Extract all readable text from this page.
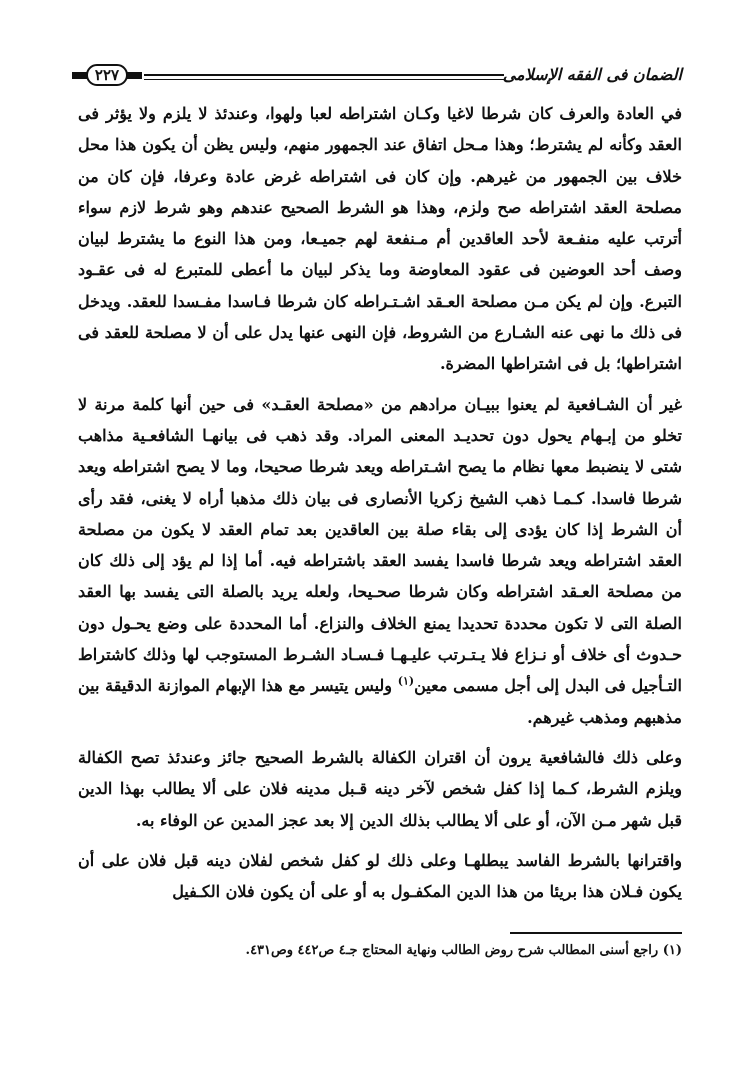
الضمان فى الفقه الإسلامى
٢٢٧

في العادة والعرف كان شرطا لاغيا وكـان اشتراطه لعبا ولهوا، وعندئذ لا يلزم ولا يؤثر فى العقد وكأنه لم يشترط؛ وهذا مـحل اتفاق عند الجمهور منهم، وليس يظن أن يكون هذا محل خلاف بين الجمهور من غيرهم. وإن كان فى اشتراطه غرض عادة وعرفا، فإن كان من مصلحة العقد اشتراطه صح ولزم، وهذا هو الشرط الصحيح عندهم وهو شرط لازم سواء أترتب عليه منفـعة لأحد العاقدين أم مـنفعة لهم جميـعا، ومن هذا النوع ما يشترط لبيان وصف أحد العوضين فى عقود المعاوضة وما يذكر لبيان ما أعطى للمتبرع له فى عقـود التبرع. وإن لم يكن مـن مصلحة العـقد اشـتـراطه كان شرطا فـاسدا مفـسدا للعقد. ويدخل فى ذلك ما نهى عنه الشـارع من الشروط، فإن النهى عنها يدل على أن لا مصلحة للعقد فى اشتراطها؛ بل فى اشتراطها المضرة.

غير أن الشـافعية لم يعنوا ببيـان مرادهم من «مصلحة العقـد» فى حين أنها كلمة مرنة لا تخلو من إبـهام يحول دون تحديـد المعنى المراد. وقد ذهب فى بيانهـا الشافعـية مذاهب شتى لا ينضبط معها نظام ما يصح اشـتراطه ويعد شرطا صحيحا، وما لا يصح اشتراطه ويعد شرطا فاسدا. كـمـا ذهب الشيخ زكريا الأنصارى فى بيان ذلك مذهبا أراه لا يغنى، فقد رأى أن الشرط إذا كان يؤدى إلى بقاء صلة بين العاقدين بعد تمام العقد لا يكون من مصلحة العقد اشتراطه ويعد شرطا فاسدا يفسد العقد باشتراطه فيه. أما إذا لم يؤد إلى ذلك كان من مصلحة العـقد اشتراطه وكان شرطا صحـيحا، ولعله يريد بالصلة التى يفسد بها العقد الصلة التى لا تكون محددة تحديدا يمنع الخلاف والنزاع. أما المحددة على وضع يحـول دون حـدوث أى خلاف أو نـزاع فلا يـتـرتب عليـهـا فـسـاد الشـرط المستوجب لها وذلك كاشتراط التـأجيل فى البدل إلى أجل مسمى معين$^{(١)}$ وليس يتيسر مع هذا الإبهام الموازنة الدقيقة بين مذهبهم ومذهب غيرهم.

وعلى ذلك فالشافعية يرون أن اقتران الكفالة بالشرط الصحيح جائز وعندئذ تصح الكفالة ويلزم الشرط، كـما إذا كفل شخص لآخر دينه قـبل مدينه فلان على ألا يطالب بهذا الدين قبل شهر مـن الآن، أو على ألا يطالب بذلك الدين إلا بعد عجز المدين عن الوفاء به.

واقترانها بالشرط الفاسد يبطلهـا وعلى ذلك لو كفل شخص لفلان دينه قبل فلان على أن يكون فـلان هذا بريئا من هذا الدين المكفـول به أو على أن يكون فلان الكـفيل

(١) راجع أسنى المطالب شرح روض الطالب ونهاية المحتاج جـ٤ ص٤٤٢ وص٤٣١.
